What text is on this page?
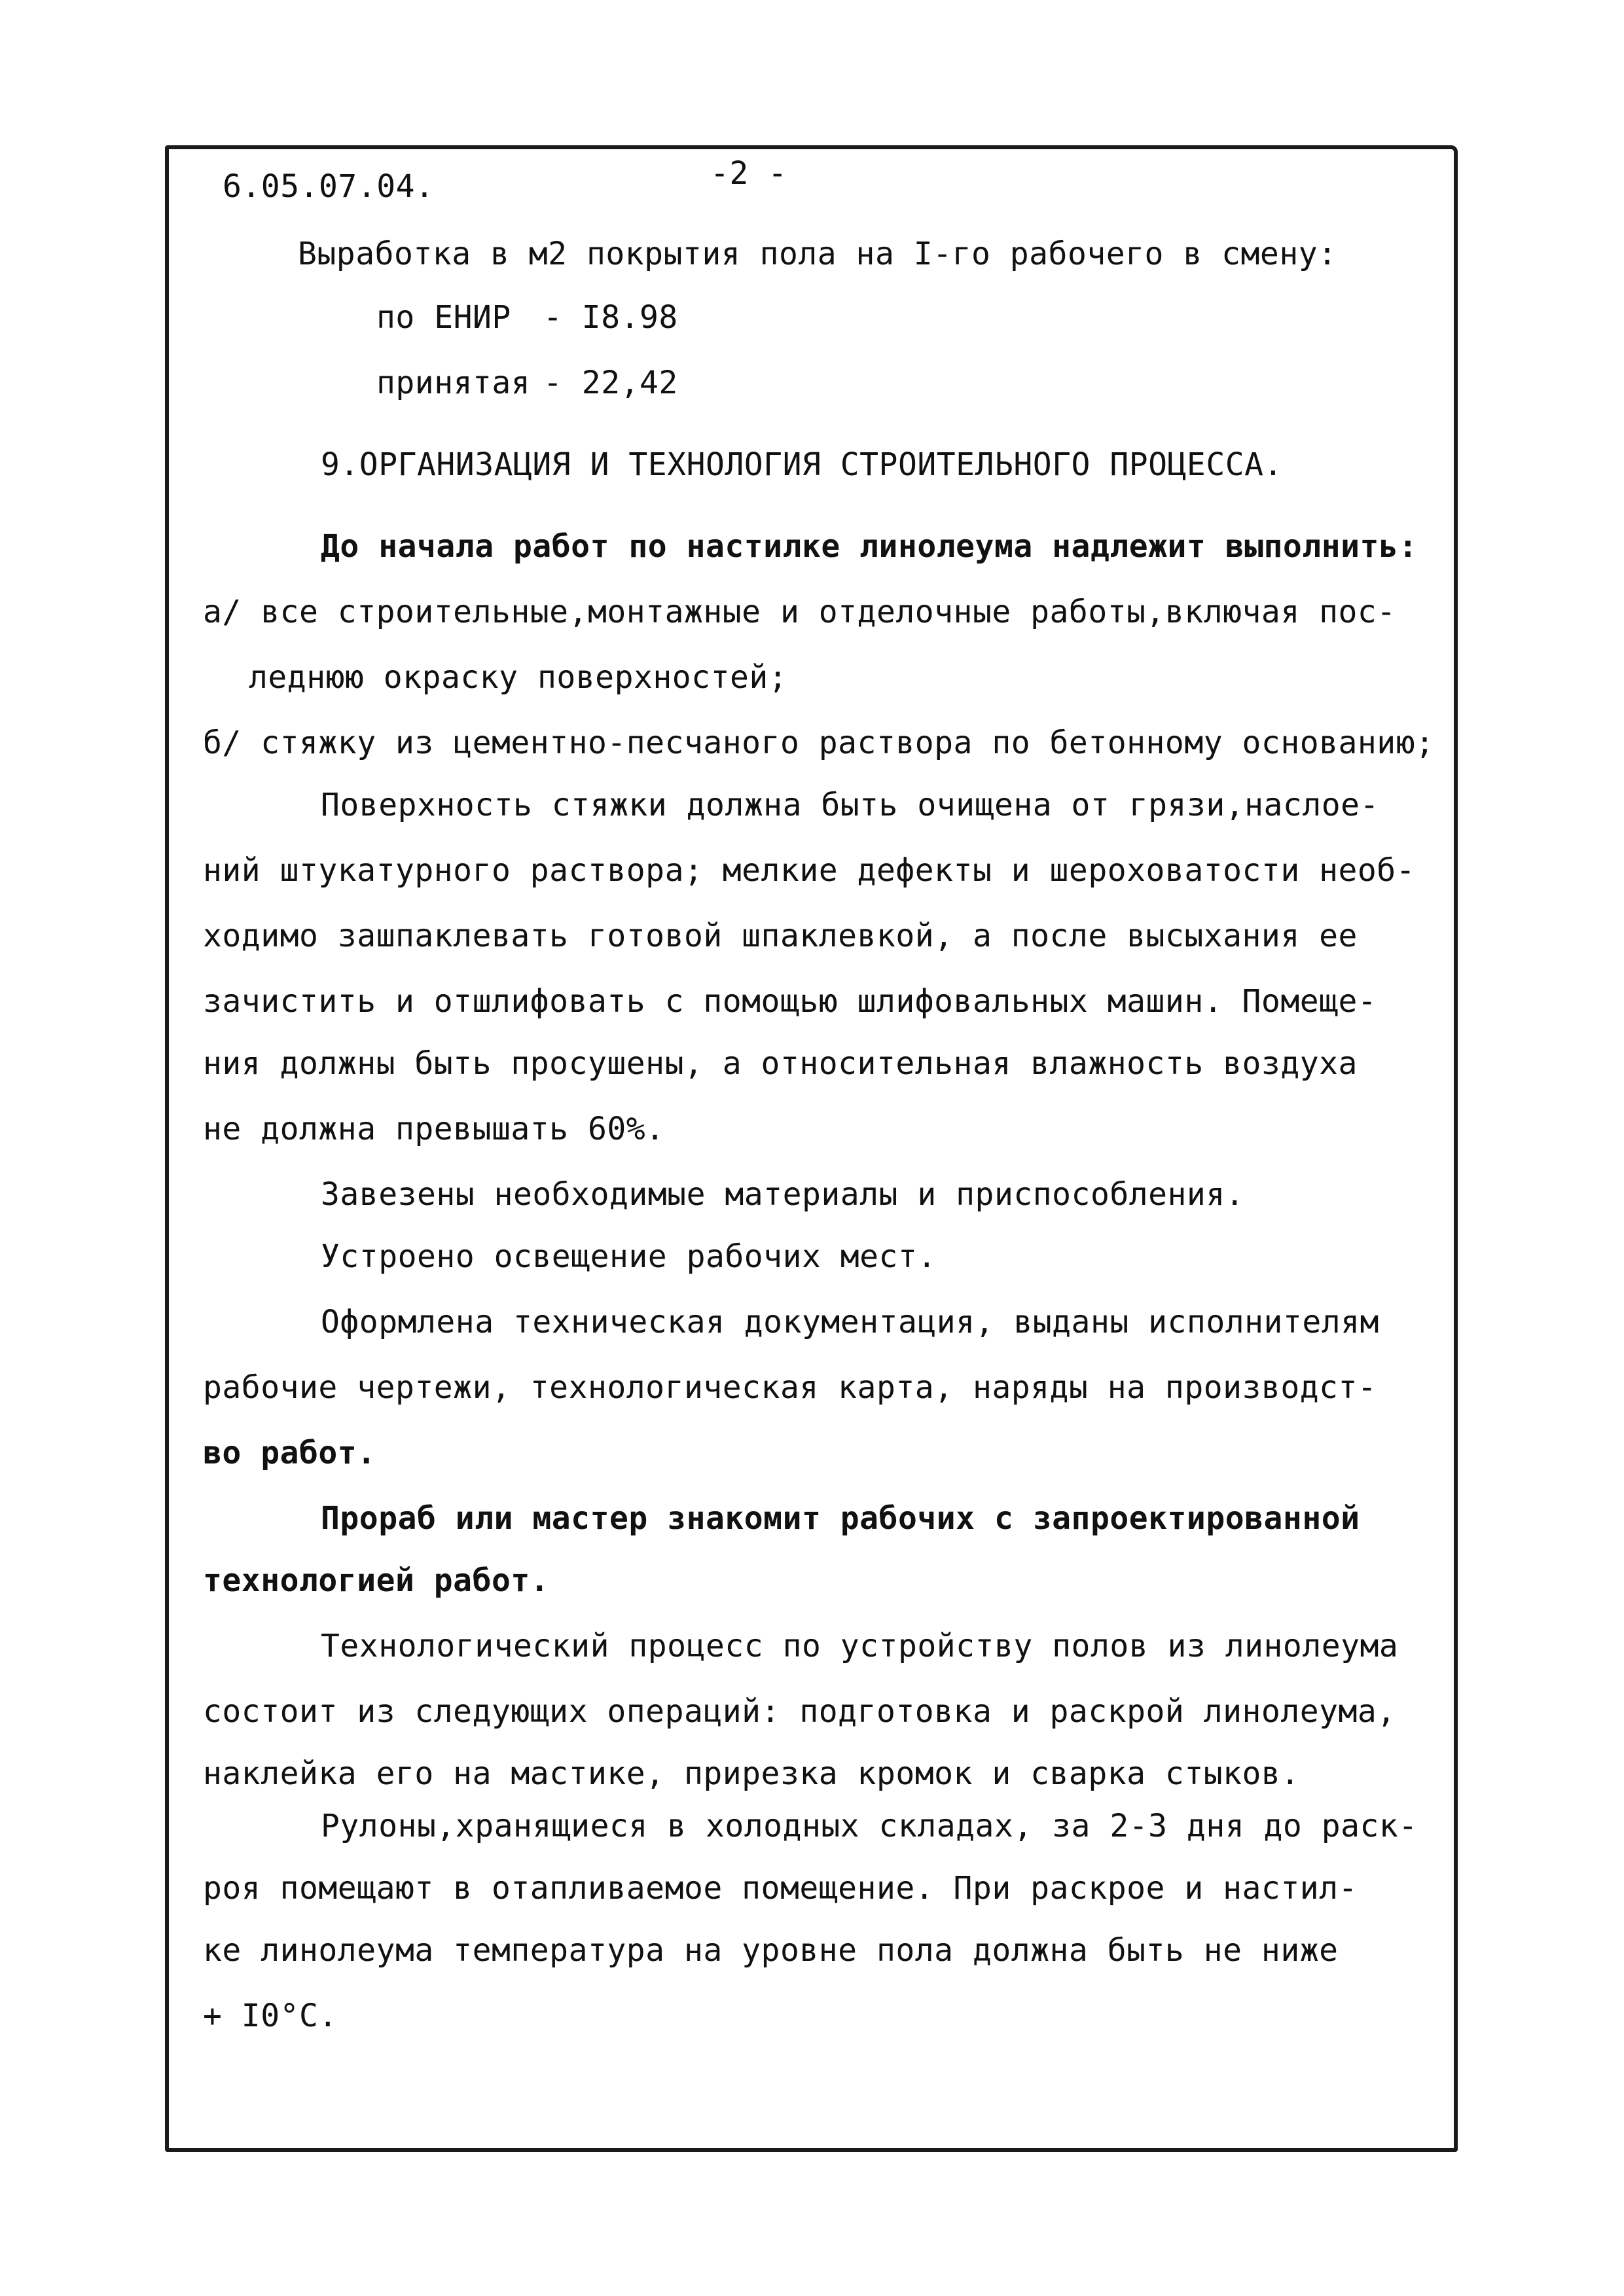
6.05.07.04.	-2 -
Выработка в м2 покрытия пола на I-го рабочего в смену:
по ЕНИР - I8.98
принятая - 22,42
9.ОРГАНИЗАЦИЯ И ТЕХНОЛОГИЯ СТРОИТЕЛЬНОГО ПРОЦЕССА.
До начала работ по настилке линолеума надлежит выполнить:
а/ все строительные,монтажные и отделочные работы,включая пос-
леднюю окраску поверхностей;
б/ стяжку из цементно-песчаного раствора по бетонному основанию;
Поверхность стяжки должна быть очищена от грязи,наслое-
ний штукатурного раствора; мелкие дефекты и шероховатости необ-
ходимо зашпаклевать готовой шпаклевкой, а после высыхания ее
зачистить и отшлифовать с помощью шлифовальных машин. Помеще-
ния должны быть просушены, а относительная влажность воздуха
не должна превышать 60%.
Завезены необходимые материалы и приспособления.
Устроено освещение рабочих мест.
Оформлена техническая документация, выданы исполнителям
рабочие чертежи, технологическая карта, наряды на производст-
во работ.
Прораб или мастер знакомит рабочих с запроектированной
технологией работ.
Технологический процесс по устройству полов из линолеума
состоит из следующих операций: подготовка и раскрой линолеума,
наклейка его на мастике, прирезка кромок и сварка стыков.
Рулоны,хранящиеся в холодных складах, за 2-3 дня до раск-
роя помещают в отапливаемое помещение. При раскрое и настил-
ке линолеума температура на уровне пола должна быть не ниже
+ I0°C.
